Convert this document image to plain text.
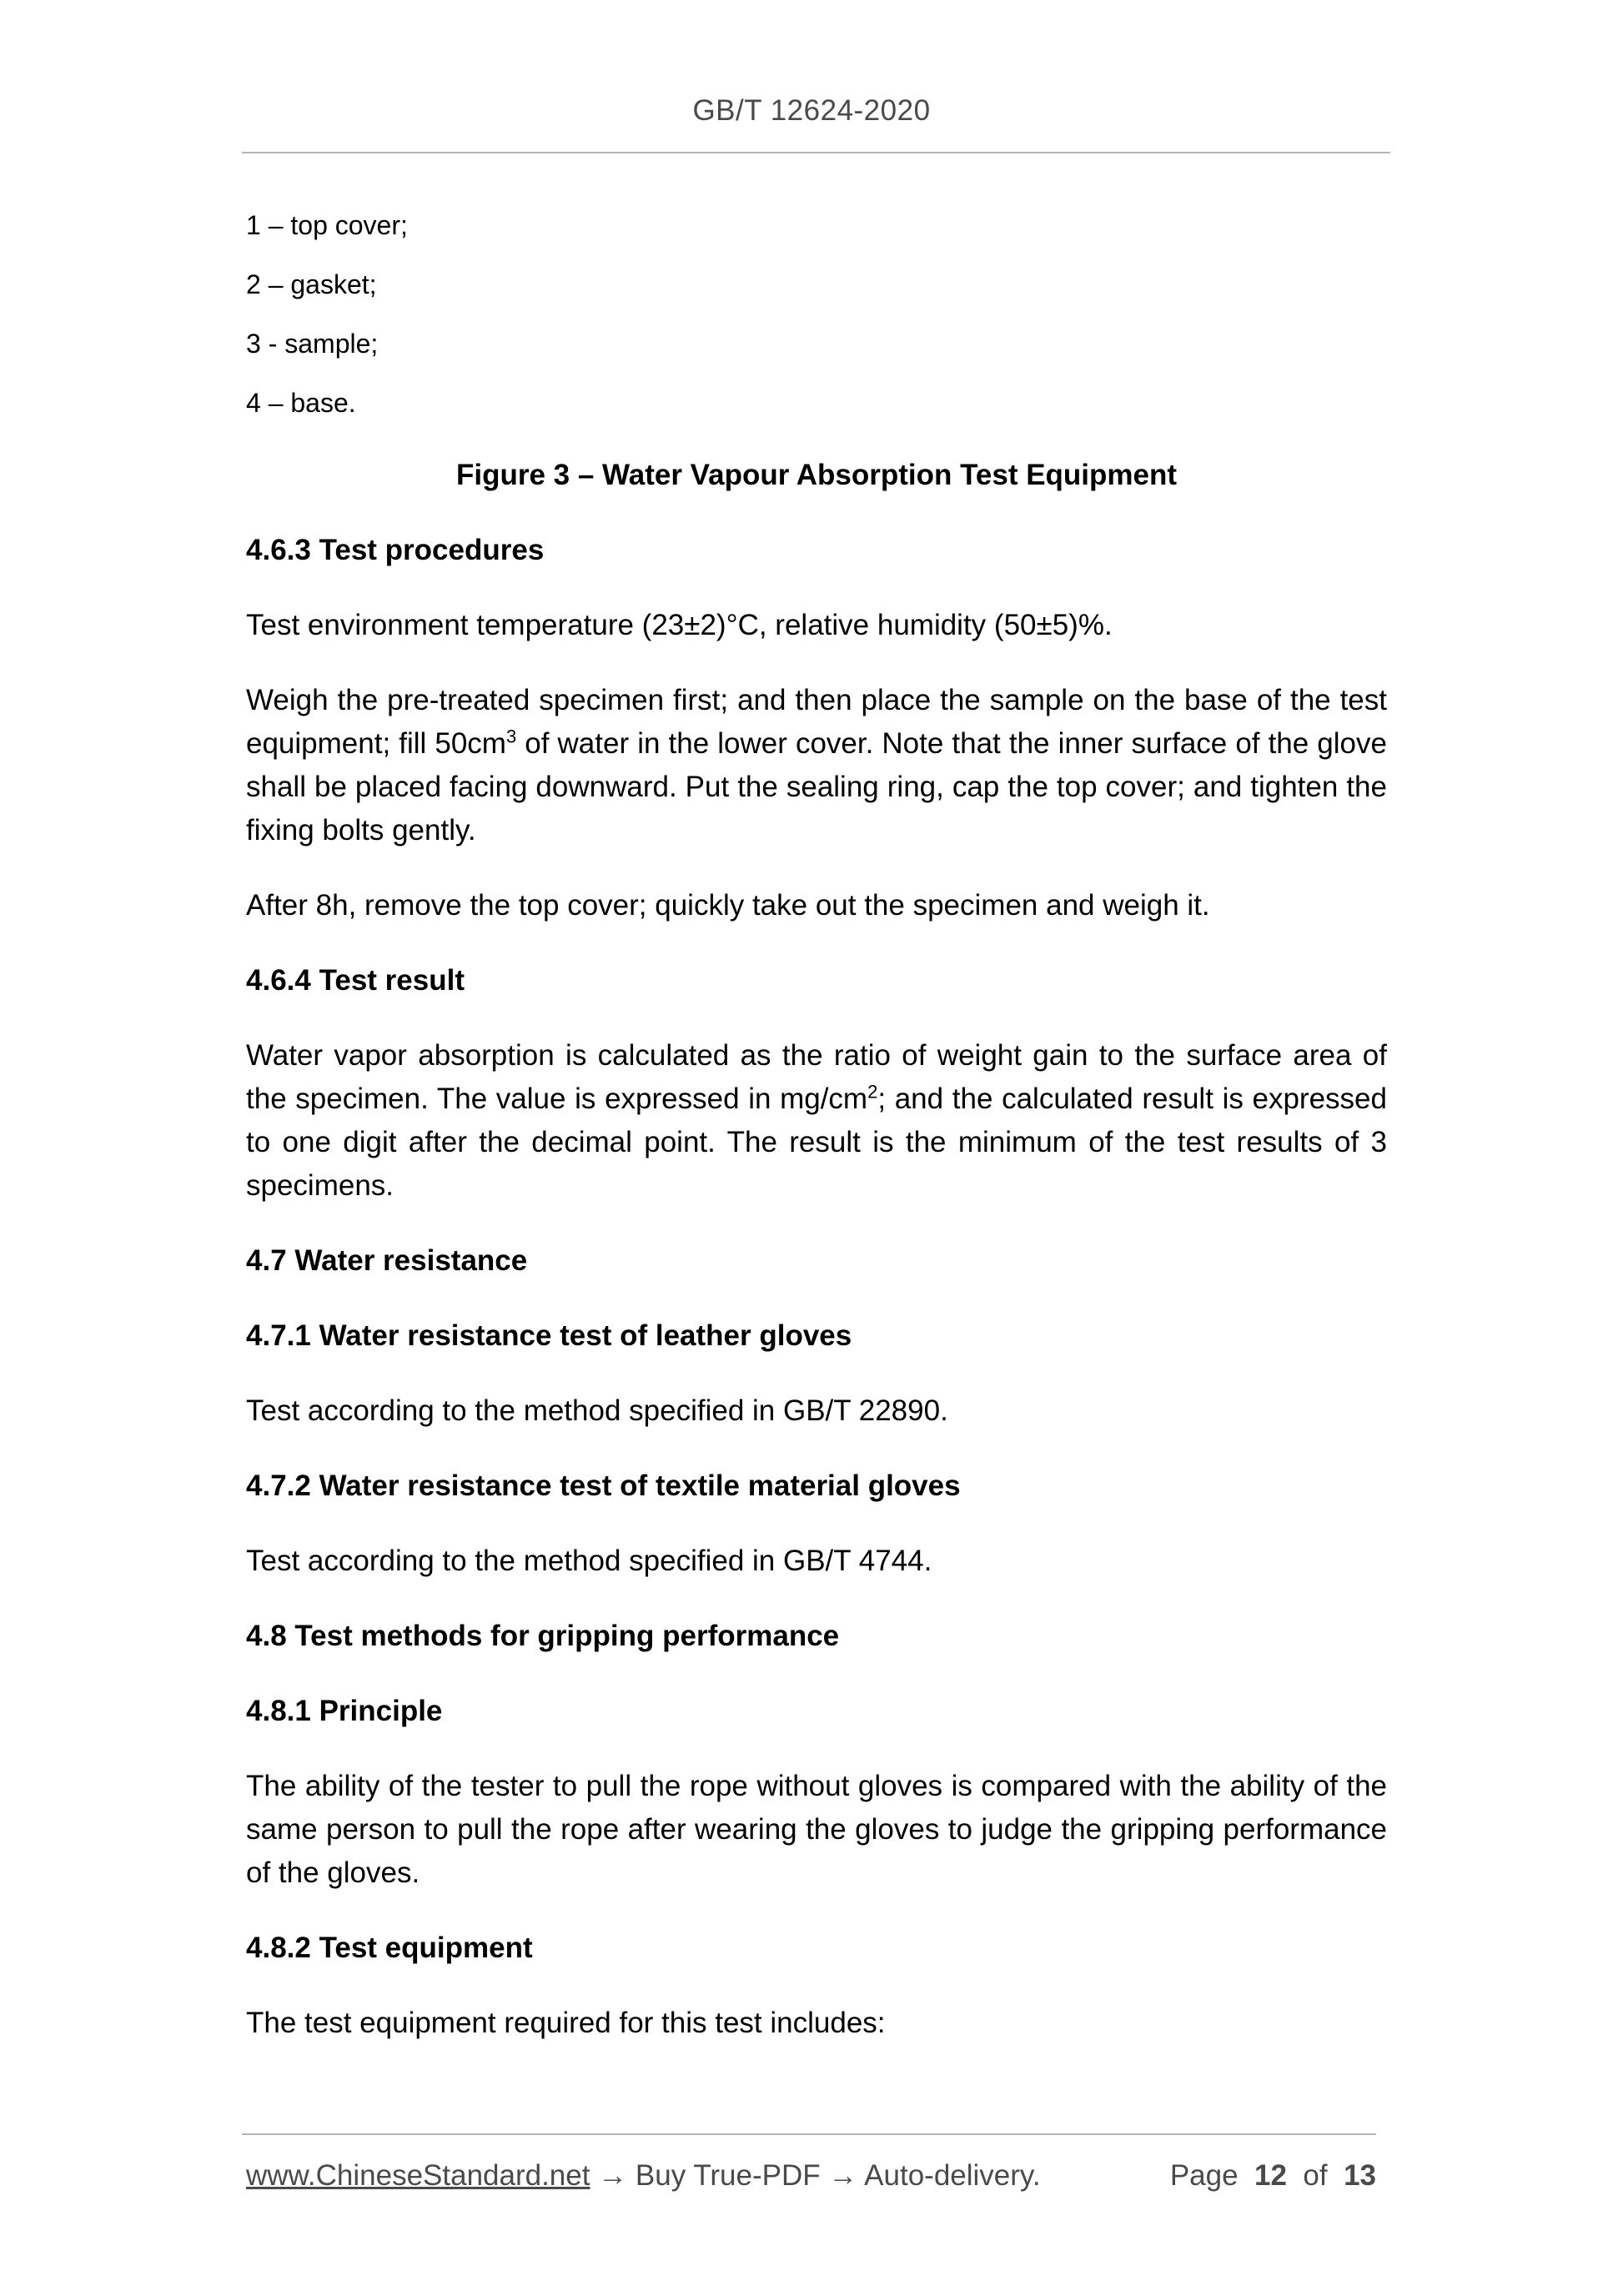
GB/T 12624-2020

1 – top cover;

2 – gasket;

3 - sample;

4 – base.

Figure 3 – Water Vapour Absorption Test Equipment

4.6.3 Test procedures

Test environment temperature (23±2)°C, relative humidity (50±5)%.

Weigh the pre-treated specimen first; and then place the sample on the base of the test equipment; fill $50cm^3$ of water in the lower cover. Note that the inner surface of the glove shall be placed facing downward. Put the sealing ring, cap the top cover; and tighten the fixing bolts gently.

After 8h, remove the top cover; quickly take out the specimen and weigh it.

4.6.4 Test result

Water vapor absorption is calculated as the ratio of weight gain to the surface area of the specimen. The value is expressed in $mg/cm^2$; and the calculated result is expressed to one digit after the decimal point. The result is the minimum of the test results of 3 specimens.

4.7 Water resistance

4.7.1 Water resistance test of leather gloves

Test according to the method specified in GB/T 22890.

4.7.2 Water resistance test of textile material gloves

Test according to the method specified in GB/T 4744.

4.8 Test methods for gripping performance

4.8.1 Principle

The ability of the tester to pull the rope without gloves is compared with the ability of the same person to pull the rope after wearing the gloves to judge the gripping performance of the gloves.

4.8.2 Test equipment

The test equipment required for this test includes:

www.ChineseStandard.net → Buy True-PDF → Auto-delivery.	Page 12 of 13
